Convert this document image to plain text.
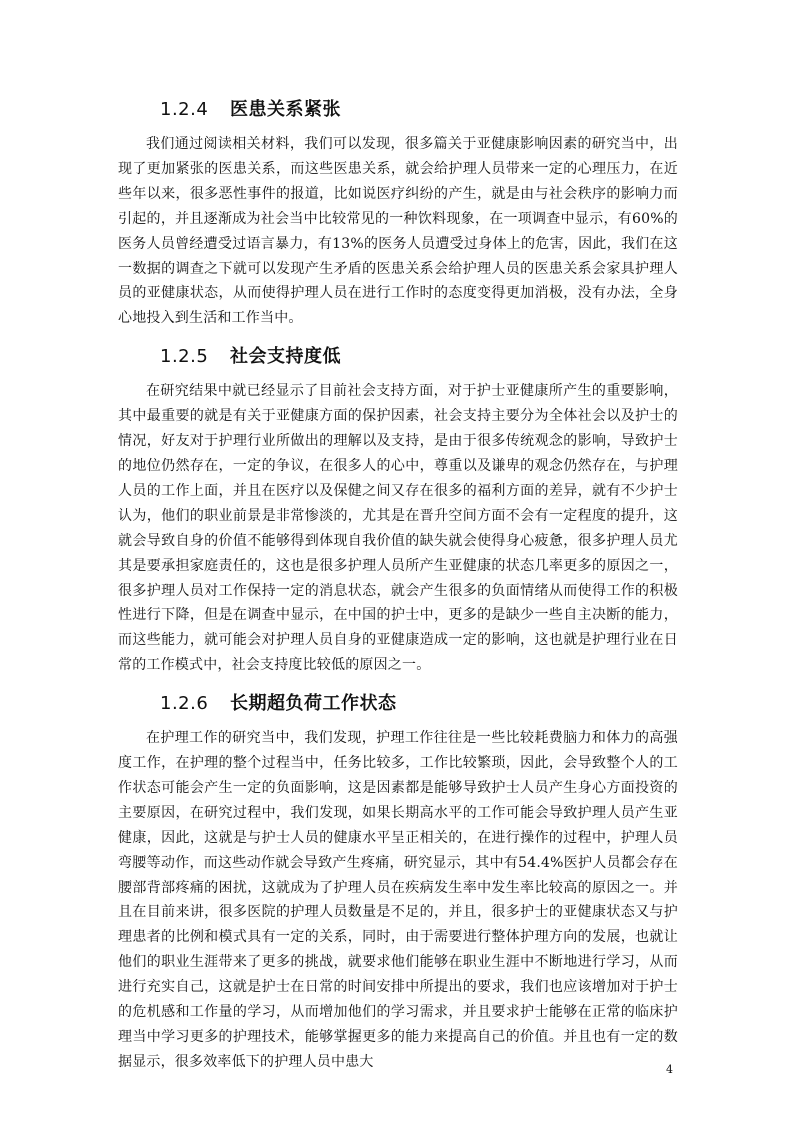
1.2.4 医患关系紧张

我们通过阅读相关材料，我们可以发现，很多篇关于亚健康影响因素的研究当中，出现了更加紧张的医患关系，而这些医患关系，就会给护理人员带来一定的心理压力，在近些年以来，很多恶性事件的报道，比如说医疗纠纷的产生，就是由与社会秩序的影响力而引起的，并且逐渐成为社会当中比较常见的一种饮料现象，在一项调查中显示，有60%的医务人员曾经遭受过语言暴力，有13%的医务人员遭受过身体上的危害，因此，我们在这一数据的调查之下就可以发现产生矛盾的医患关系会给护理人员的医患关系会家具护理人员的亚健康状态，从而使得护理人员在进行工作时的态度变得更加消极，没有办法，全身心地投入到生活和工作当中。

1.2.5 社会支持度低

在研究结果中就已经显示了目前社会支持方面，对于护士亚健康所产生的重要影响，其中最重要的就是有关于亚健康方面的保护因素，社会支持主要分为全体社会以及护士的情况，好友对于护理行业所做出的理解以及支持，是由于很多传统观念的影响，导致护士的地位仍然存在，一定的争议，在很多人的心中，尊重以及谦卑的观念仍然存在，与护理人员的工作上面，并且在医疗以及保健之间又存在很多的福利方面的差异，就有不少护士认为，他们的职业前景是非常惨淡的，尤其是在晋升空间方面不会有一定程度的提升，这就会导致自身的价值不能够得到体现自我价值的缺失就会使得身心疲惫，很多护理人员尤其是要承担家庭责任的，这也是很多护理人员所产生亚健康的状态几率更多的原因之一，很多护理人员对工作保持一定的消息状态，就会产生很多的负面情绪从而使得工作的积极性进行下降，但是在调查中显示，在中国的护士中，更多的是缺少一些自主决断的能力，而这些能力，就可能会对护理人员自身的亚健康造成一定的影响，这也就是护理行业在日常的工作模式中，社会支持度比较低的原因之一。

1.2.6 长期超负荷工作状态

在护理工作的研究当中，我们发现，护理工作往往是一些比较耗费脑力和体力的高强度工作，在护理的整个过程当中，任务比较多，工作比较繁琐，因此，会导致整个人的工作状态可能会产生一定的负面影响，这是因素都是能够导致护士人员产生身心方面投资的主要原因，在研究过程中，我们发现，如果长期高水平的工作可能会导致护理人员产生亚健康，因此，这就是与护士人员的健康水平呈正相关的，在进行操作的过程中，护理人员弯腰等动作，而这些动作就会导致产生疼痛，研究显示，其中有54.4%医护人员都会存在腰部背部疼痛的困扰，这就成为了护理人员在疾病发生率中发生率比较高的原因之一。并且在目前来讲，很多医院的护理人员数量是不足的，并且，很多护士的亚健康状态又与护理患者的比例和模式具有一定的关系，同时，由于需要进行整体护理方向的发展，也就让他们的职业生涯带来了更多的挑战，就要求他们能够在职业生涯中不断地进行学习，从而进行充实自己，这就是护士在日常的时间安排中所提出的要求，我们也应该增加对于护士的危机感和工作量的学习，从而增加他们的学习需求，并且要求护士能够在正常的临床护理当中学习更多的护理技术，能够掌握更多的能力来提高自己的价值。并且也有一定的数据显示，很多效率低下的护理人员中患大	4
